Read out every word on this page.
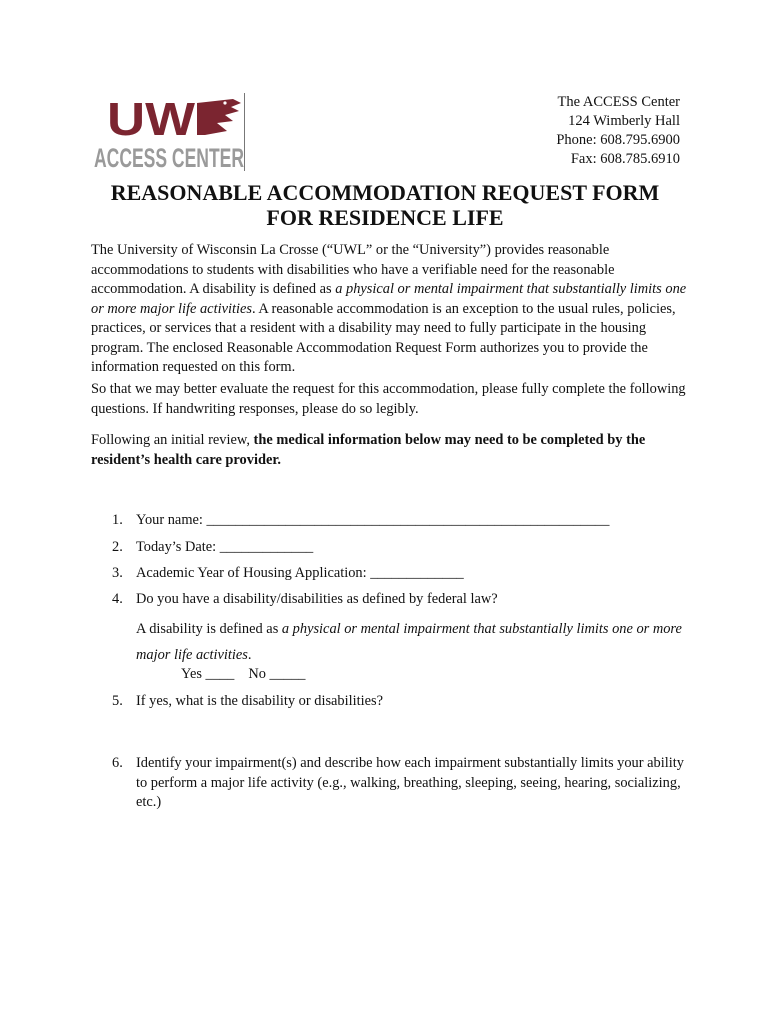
UW
ACCESS CENTER
The ACCESS Center
124 Wimberly Hall
Phone: 608.795.6900
Fax: 608.785.6910
REASONABLE ACCOMMODATION REQUEST FORM
FOR RESIDENCE LIFE

The University of Wisconsin La Crosse (“UWL” or the “University”) provides reasonable accommodations to students with disabilities who have a verifiable need for the reasonable accommodation. A disability is defined as a physical or mental impairment that substantially limits one or more major life activities. A reasonable accommodation is an exception to the usual rules, policies, practices, or services that a resident with a disability may need to fully participate in the housing program. The enclosed Reasonable Accommodation Request Form authorizes you to provide the information requested on this form.

So that we may better evaluate the request for this accommodation, please fully complete the following questions. If handwriting responses, please do so legibly.

Following an initial review, the medical information below may need to be completed by the resident’s health care provider.

1. Your name: ________________________________________________________
2. Today’s Date: _____________
3. Academic Year of Housing Application: _____________
4. Do you have a disability/disabilities as defined by federal law?

A disability is defined as a physical or mental impairment that substantially limits one or more major life activities.

Yes ____ No _____
5. If yes, what is the disability or disabilities?
6. Identify your impairment(s) and describe how each impairment substantially limits your ability to perform a major life activity (e.g., walking, breathing, sleeping, seeing, hearing, socializing, etc.)
